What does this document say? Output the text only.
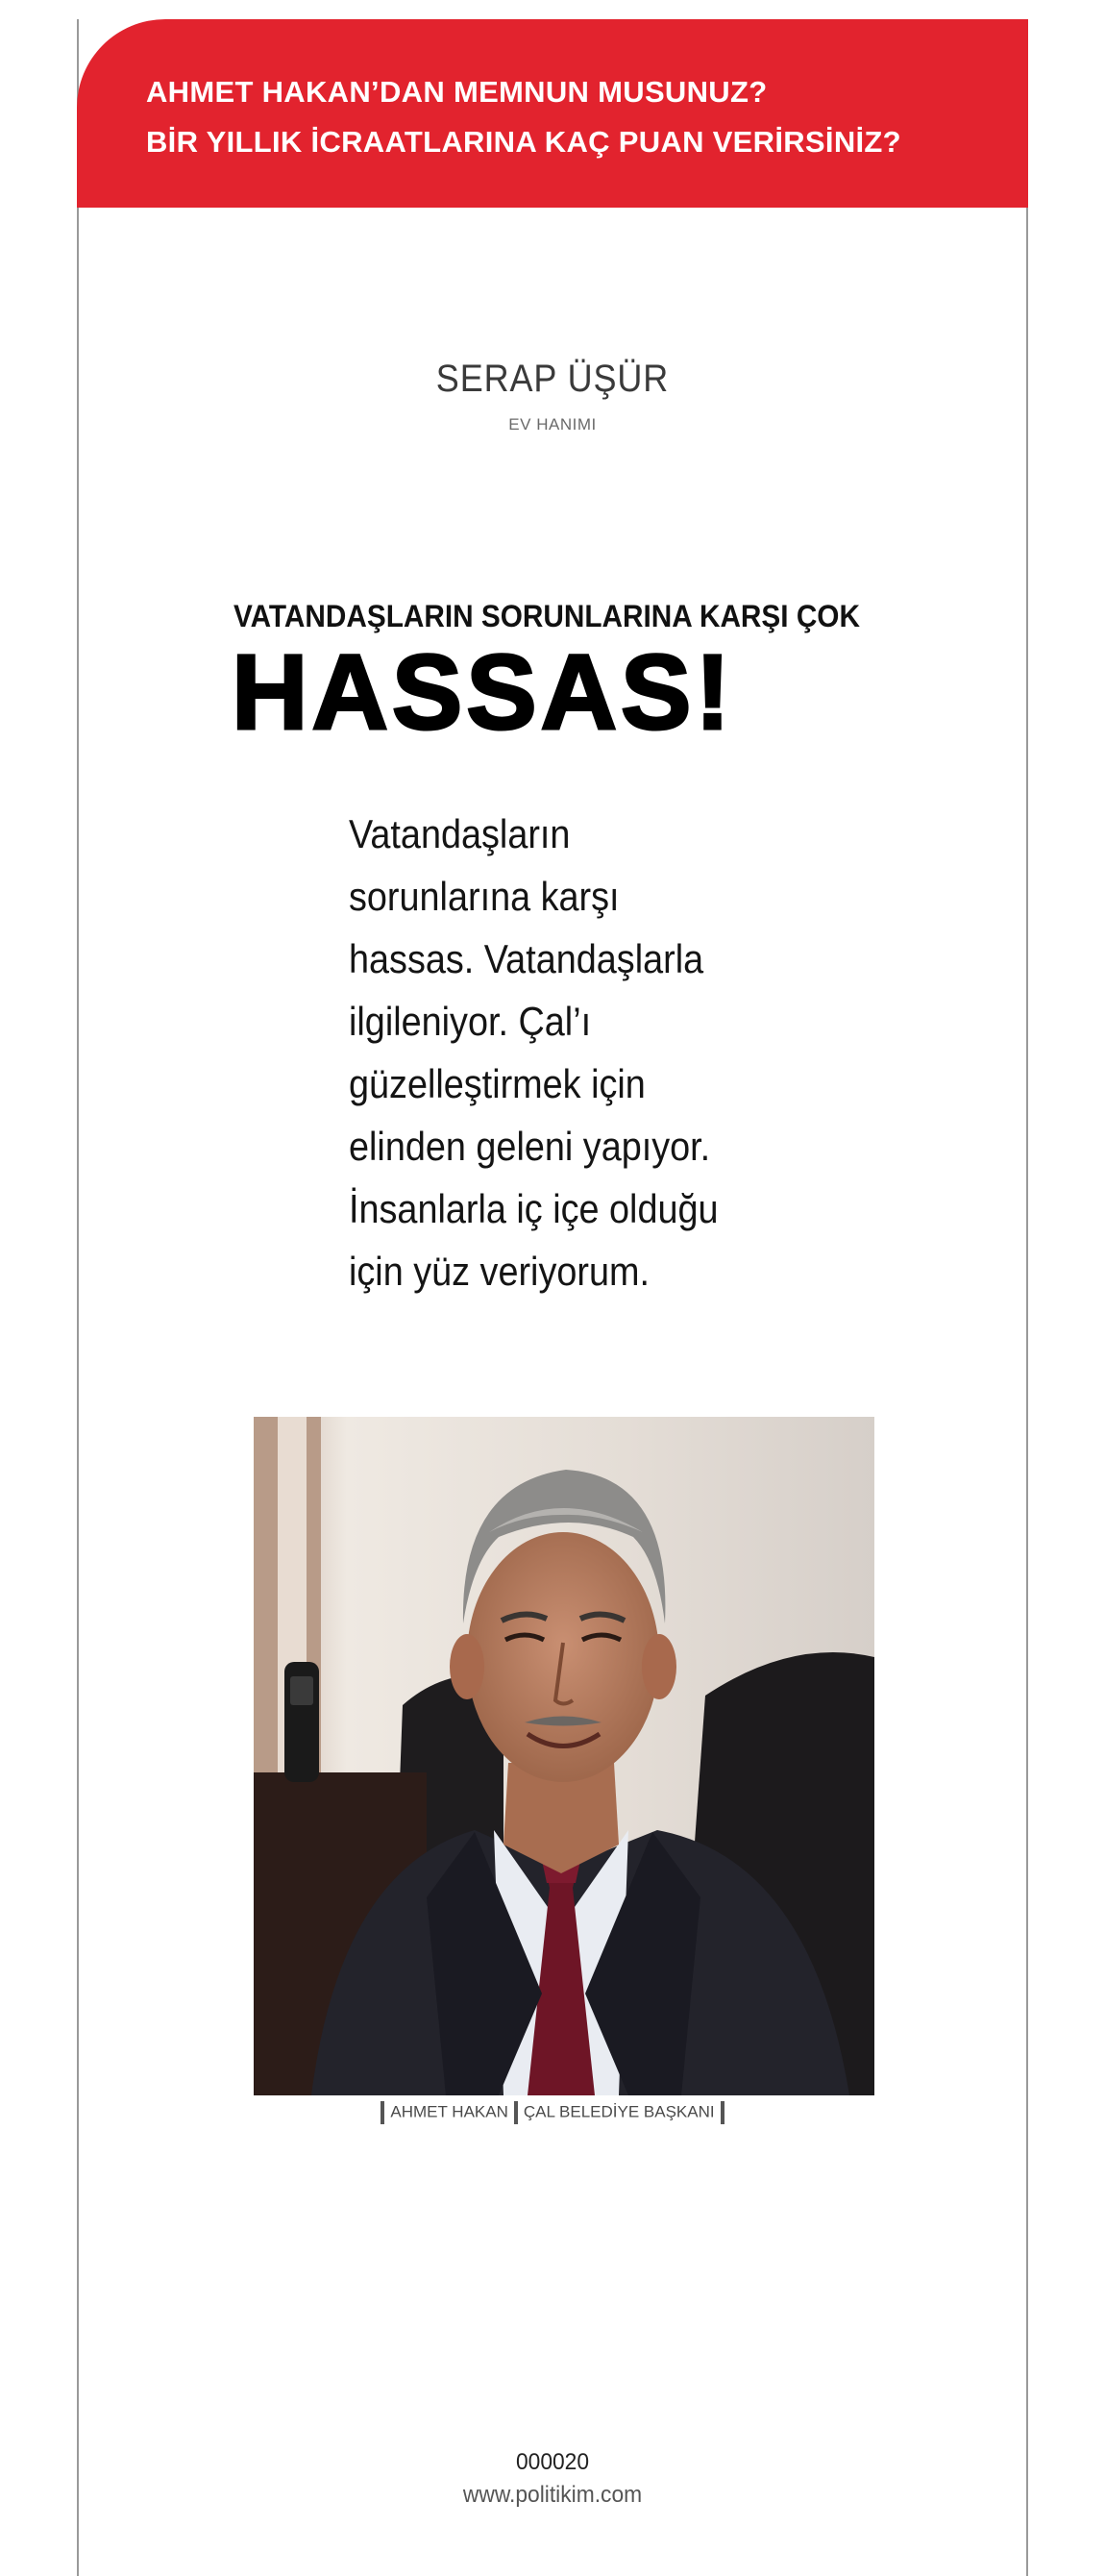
AHMET HAKAN’DAN MEMNUN MUSUNUZ?
BİR YILLIK İCRAATLARINA KAÇ PUAN VERİRSİNİZ?
SERAP ÜŞÜR
EV HANIMI
VATANDAŞLARIN SORUNLARINA KARŞI ÇOK
HASSAS!
Vatandaşların sorunlarına karşı hassas. Vatandaşlarla ilgileniyor. Çal’ı güzelleştirmek için elinden geleni yapıyor. İnsanlarla iç içe olduğu için yüz veriyorum.
AHMET HAKAN ÇAL BELEDİYE BAŞKANI
000020
www.politikim.com
